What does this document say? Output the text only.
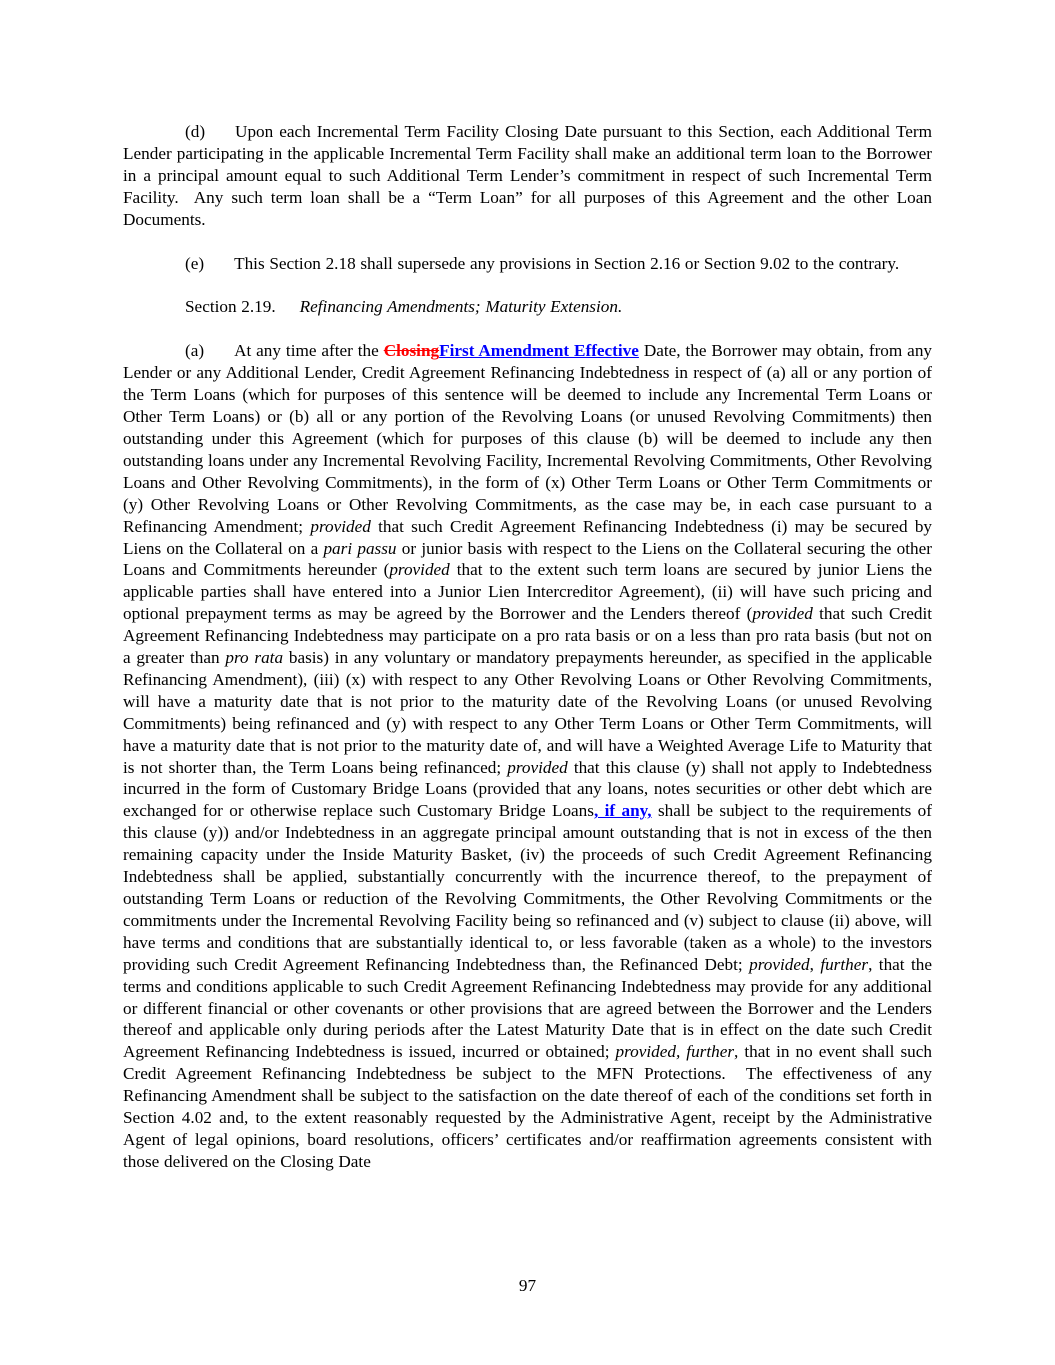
(d) Upon each Incremental Term Facility Closing Date pursuant to this Section, each Additional Term Lender participating in the applicable Incremental Term Facility shall make an additional term loan to the Borrower in a principal amount equal to such Additional Term Lender’s commitment in respect of such Incremental Term Facility.  Any such term loan shall be a “Term Loan” for all purposes of this Agreement and the other Loan Documents.

(e) This Section 2.18 shall supersede any provisions in Section 2.16 or Section 9.02 to the contrary.

Section 2.19. Refinancing Amendments; Maturity Extension.

(a) At any time after the ClosingFirst Amendment Effective Date, the Borrower may obtain, from any Lender or any Additional Lender, Credit Agreement Refinancing Indebtedness in respect of (a) all or any portion of the Term Loans (which for purposes of this sentence will be deemed to include any Incremental Term Loans or Other Term Loans) or (b) all or any portion of the Revolving Loans (or unused Revolving Commitments) then outstanding under this Agreement (which for purposes of this clause (b) will be deemed to include any then outstanding loans under any Incremental Revolving Facility, Incremental Revolving Commitments, Other Revolving Loans and Other Revolving Commitments), in the form of (x) Other Term Loans or Other Term Commitments or (y) Other Revolving Loans or Other Revolving Commitments, as the case may be, in each case pursuant to a Refinancing Amendment; provided that such Credit Agreement Refinancing Indebtedness (i) may be secured by Liens on the Collateral on a pari passu or junior basis with respect to the Liens on the Collateral securing the other Loans and Commitments hereunder (provided that to the extent such term loans are secured by junior Liens the applicable parties shall have entered into a Junior Lien Intercreditor Agreement), (ii) will have such pricing and optional prepayment terms as may be agreed by the Borrower and the Lenders thereof (provided that such Credit Agreement Refinancing Indebtedness may participate on a pro rata basis or on a less than pro rata basis (but not on a greater than pro rata basis) in any voluntary or mandatory prepayments hereunder, as specified in the applicable Refinancing Amendment), (iii) (x) with respect to any Other Revolving Loans or Other Revolving Commitments, will have a maturity date that is not prior to the maturity date of the Revolving Loans (or unused Revolving Commitments) being refinanced and (y) with respect to any Other Term Loans or Other Term Commitments, will have a maturity date that is not prior to the maturity date of, and will have a Weighted Average Life to Maturity that is not shorter than, the Term Loans being refinanced; provided that this clause (y) shall not apply to Indebtedness incurred in the form of Customary Bridge Loans (provided that any loans, notes securities or other debt which are exchanged for or otherwise replace such Customary Bridge Loans, if any, shall be subject to the requirements of this clause (y)) and/or Indebtedness in an aggregate principal amount outstanding that is not in excess of the then remaining capacity under the Inside Maturity Basket, (iv) the proceeds of such Credit Agreement Refinancing Indebtedness shall be applied, substantially concurrently with the incurrence thereof, to the prepayment of outstanding Term Loans or reduction of the Revolving Commitments, the Other Revolving Commitments or the commitments under the Incremental Revolving Facility being so refinanced and (v) subject to clause (ii) above, will have terms and conditions that are substantially identical to, or less favorable (taken as a whole) to the investors providing such Credit Agreement Refinancing Indebtedness than, the Refinanced Debt; provided, further, that the terms and conditions applicable to such Credit Agreement Refinancing Indebtedness may provide for any additional or different financial or other covenants or other provisions that are agreed between the Borrower and the Lenders thereof and applicable only during periods after the Latest Maturity Date that is in effect on the date such Credit Agreement Refinancing Indebtedness is issued, incurred or obtained; provided, further, that in no event shall such Credit Agreement Refinancing Indebtedness be subject to the MFN Protections.  The effectiveness of any Refinancing Amendment shall be subject to the satisfaction on the date thereof of each of the conditions set forth in Section 4.02 and, to the extent reasonably requested by the Administrative Agent, receipt by the Administrative Agent of legal opinions, board resolutions, officers’ certificates and/or reaffirmation agreements consistent with those delivered on the Closing Date

97
